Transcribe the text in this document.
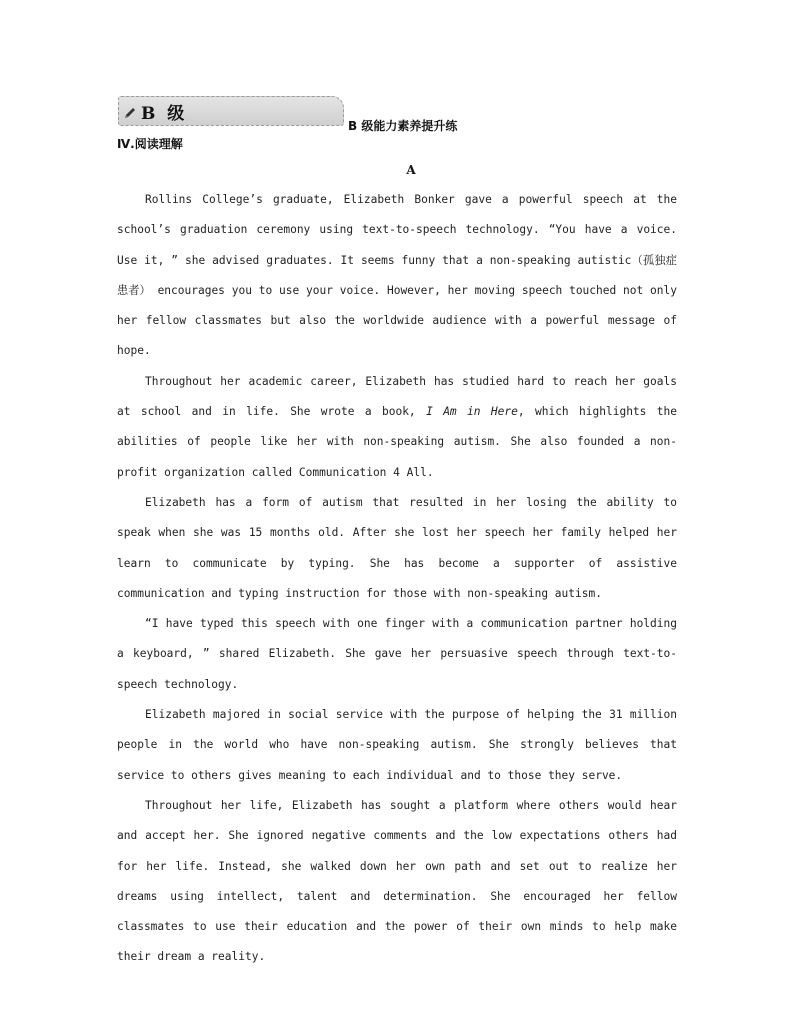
B 级
B 级能力素养提升练
Ⅳ.阅读理解
A

Rollins College’s graduate, Elizabeth Bonker gave a powerful speech at the school’s graduation ceremony using text-to-speech technology. “You have a voice. Use it, ” she advised graduates. It seems funny that a non-speaking autistic（孤独症患者） encourages you to use your voice. However, her moving speech touched not only her fellow classmates but also the worldwide audience with a powerful message of hope.

Throughout her academic career, Elizabeth has studied hard to reach her goals at school and in life. She wrote a book, I Am in Here, which highlights the abilities of people like her with non-speaking autism. She also founded a non-profit organization called Communication 4 All.

Elizabeth has a form of autism that resulted in her losing the ability to speak when she was 15 months old. After she lost her speech her family helped her learn to communicate by typing. She has become a supporter of assistive communication and typing instruction for those with non-speaking autism.

“I have typed this speech with one finger with a communication partner holding a keyboard, ” shared Elizabeth. She gave her persuasive speech through text-to-speech technology.

Elizabeth majored in social service with the purpose of helping the 31 million people in the world who have non-speaking autism. She strongly believes that service to others gives meaning to each individual and to those they serve.

Throughout her life, Elizabeth has sought a platform where others would hear and accept her. She ignored negative comments and the low expectations others had for her life. Instead, she walked down her own path and set out to realize her dreams using intellect, talent and determination. She encouraged her fellow classmates to use their education and the power of their own minds to help make their dream a reality.
